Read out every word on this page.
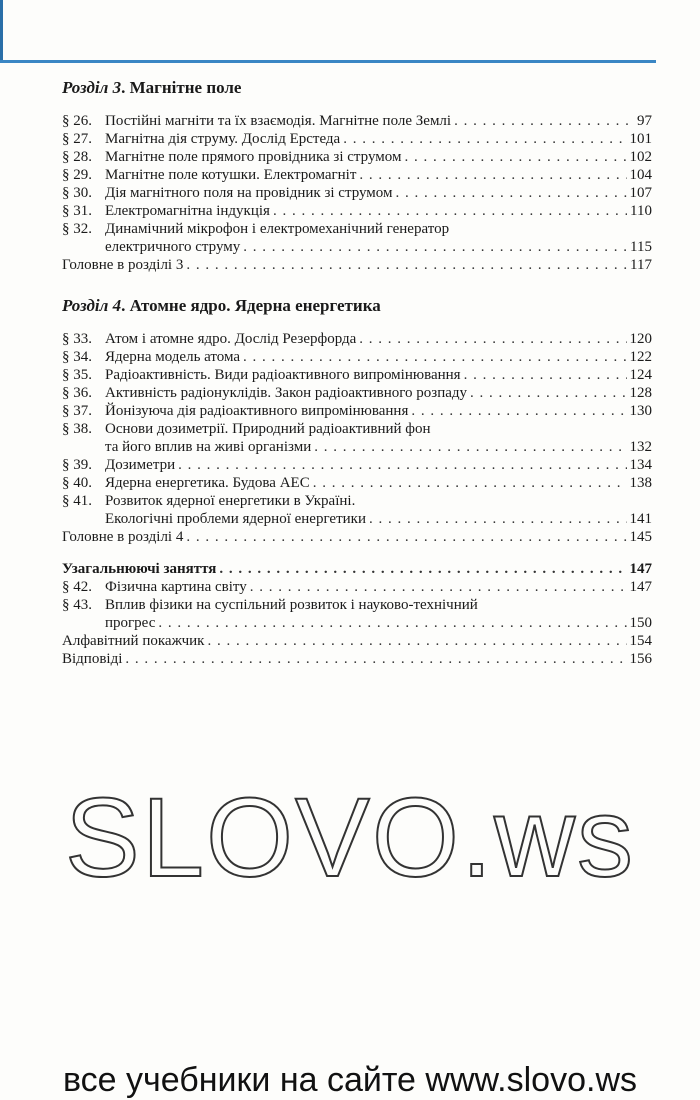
Розділ 3. Магнітне поле
§ 26. Постійні магніти та їх взаємодія. Магнітне поле Землі . . .	97
§ 27. Магнітна дія струму. Дослід Ерстеда . . .	101
§ 28. Магнітне поле прямого провідника зі струмом . . .	102
§ 29. Магнітне поле котушки. Електромагніт . . .	104
§ 30. Дія магнітного поля на провідник зі струмом . . .	107
§ 31. Електромагнітна індукція . . .	110
§ 32. Динамічний мікрофон і електромеханічний генератор
електричного струму . . .	115
Головне в розділі 3 . . .	117
Розділ 4. Атомне ядро. Ядерна енергетика
§ 33. Атом і атомне ядро. Дослід Резерфорда . . .	120
§ 34. Ядерна модель атома . . .	122
§ 35. Радіоактивність. Види радіоактивного випромінювання . . .	124
§ 36. Активність радіонуклідів. Закон радіоактивного розпаду . . .	128
§ 37. Йонізуюча дія радіоактивного випромінювання . . .	130
§ 38. Основи дозиметрії. Природний радіоактивний фон
та його вплив на живі організми . . .	132
§ 39. Дозиметри . . .	134
§ 40. Ядерна енергетика. Будова АЕС . . .	138
§ 41. Розвиток ядерної енергетики в Україні.
Екологічні проблеми ядерної енергетики . . .	141
Головне в розділі 4 . . .	145
Узагальнюючі заняття . . .	147
§ 42. Фізична картина світу . . .	147
§ 43. Вплив фізики на суспільний розвиток і науково-технічний
прогрес . . .	150
Алфавітний покажчик . . .	154
Відповіді . . .	156
SLOVO.ws
все учебники на сайте www.slovo.ws
